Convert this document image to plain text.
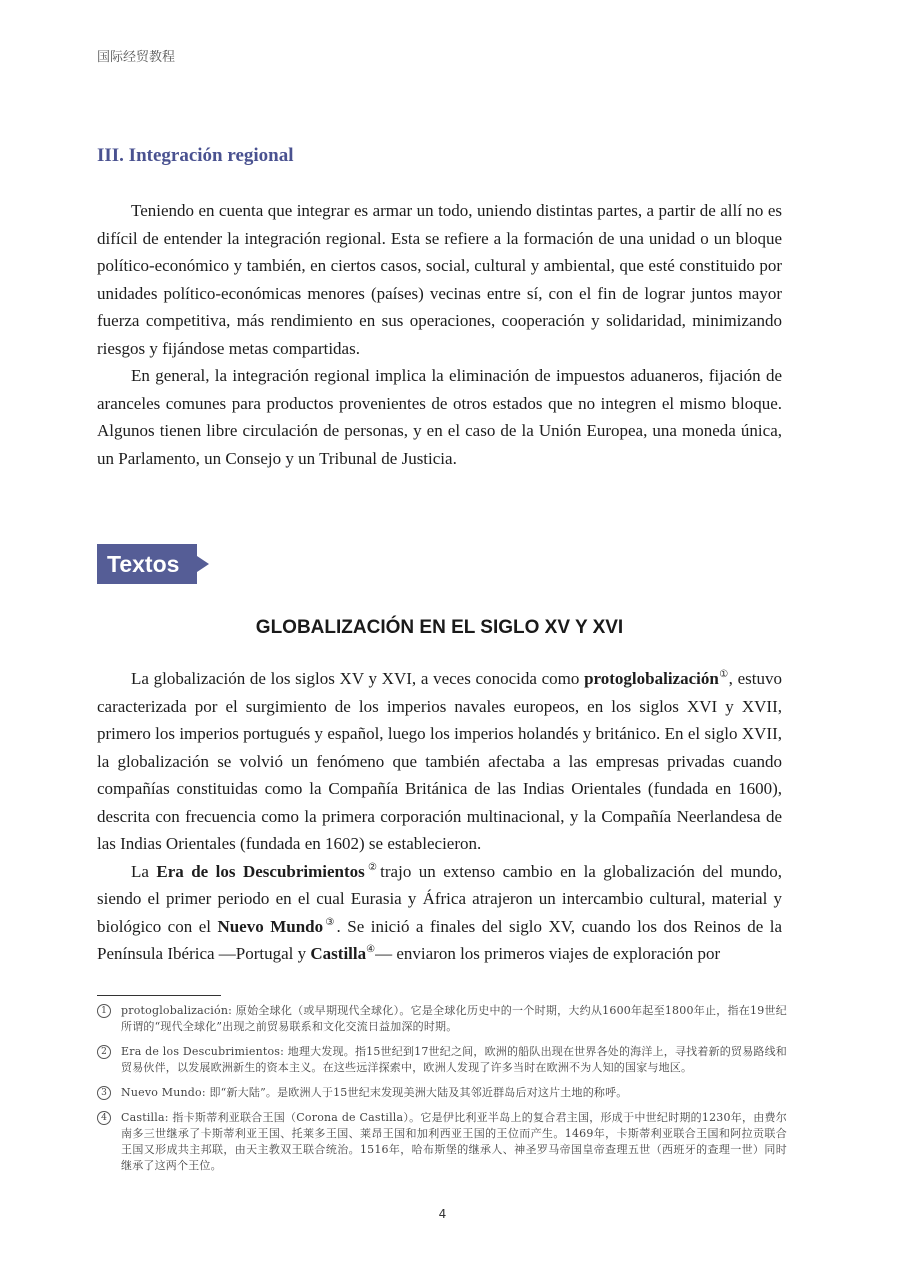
国际经贸教程
III. Integración regional

Teniendo en cuenta que integrar es armar un todo, uniendo distintas partes, a partir de allí no es difícil de entender la integración regional. Esta se refiere a la formación de una unidad o un bloque político-económico y también, en ciertos casos, social, cultural y ambiental, que esté constituido por unidades político-económicas menores (países) vecinas entre sí, con el fin de lograr juntos mayor fuerza competitiva, más rendimiento en sus operaciones, cooperación y solidaridad, minimizando riesgos y fijándose metas compartidas.

En general, la integración regional implica la eliminación de impuestos aduaneros, fijación de aranceles comunes para productos provenientes de otros estados que no integren el mismo bloque. Algunos tienen libre circulación de personas, y en el caso de la Unión Europea, una moneda única, un Parlamento, un Consejo y un Tribunal de Justicia.

Textos
GLOBALIZACIÓN EN EL SIGLO XV Y XVI

La globalización de los siglos XV y XVI, a veces conocida como protoglobalización①, estuvo caracterizada por el surgimiento de los imperios navales europeos, en los siglos XVI y XVII, primero los imperios portugués y español, luego los imperios holandés y británico. En el siglo XVII, la globalización se volvió un fenómeno que también afectaba a las empresas privadas cuando compañías constituidas como la Compañía Británica de las Indias Orientales (fundada en 1600), descrita con frecuencia como la primera corporación multinacional, y la Compañía Neerlandesa de las Indias Orientales (fundada en 1602) se establecieron.

La Era de los Descubrimientos②trajo un extenso cambio en la globalización del mundo, siendo el primer periodo en el cual Eurasia y África atrajeron un intercambio cultural, material y biológico con el Nuevo Mundo③. Se inició a finales del siglo XV, cuando los dos Reinos de la Península Ibérica —Portugal y Castilla④— enviaron los primeros viajes de exploración por

1	protoglobalización: 原始全球化（或早期现代全球化）。它是全球化历史中的一个时期，大约从1600年起至1800年止，指在19世纪所谓的“现代全球化”出现之前贸易联系和文化交流日益加深的时期。
2	Era de los Descubrimientos: 地理大发现。指15世纪到17世纪之间，欧洲的船队出现在世界各处的海洋上，寻找着新的贸易路线和贸易伙伴，以发展欧洲新生的资本主义。在这些远洋探索中，欧洲人发现了许多当时在欧洲不为人知的国家与地区。
3	Nuevo Mundo: 即“新大陆”。是欧洲人于15世纪末发现美洲大陆及其邻近群岛后对这片土地的称呼。
4	Castilla: 指卡斯蒂利亚联合王国（Corona de Castilla）。它是伊比利亚半岛上的复合君主国，形成于中世纪时期的1230年，由费尔南多三世继承了卡斯蒂利亚王国、托莱多王国、莱昂王国和加利西亚王国的王位而产生。1469年，卡斯蒂利亚联合王国和阿拉贡联合王国又形成共主邦联，由天主教双王联合统治。1516年，哈布斯堡的继承人、神圣罗马帝国皇帝查理五世（西班牙的查理一世）同时继承了这两个王位。
4
